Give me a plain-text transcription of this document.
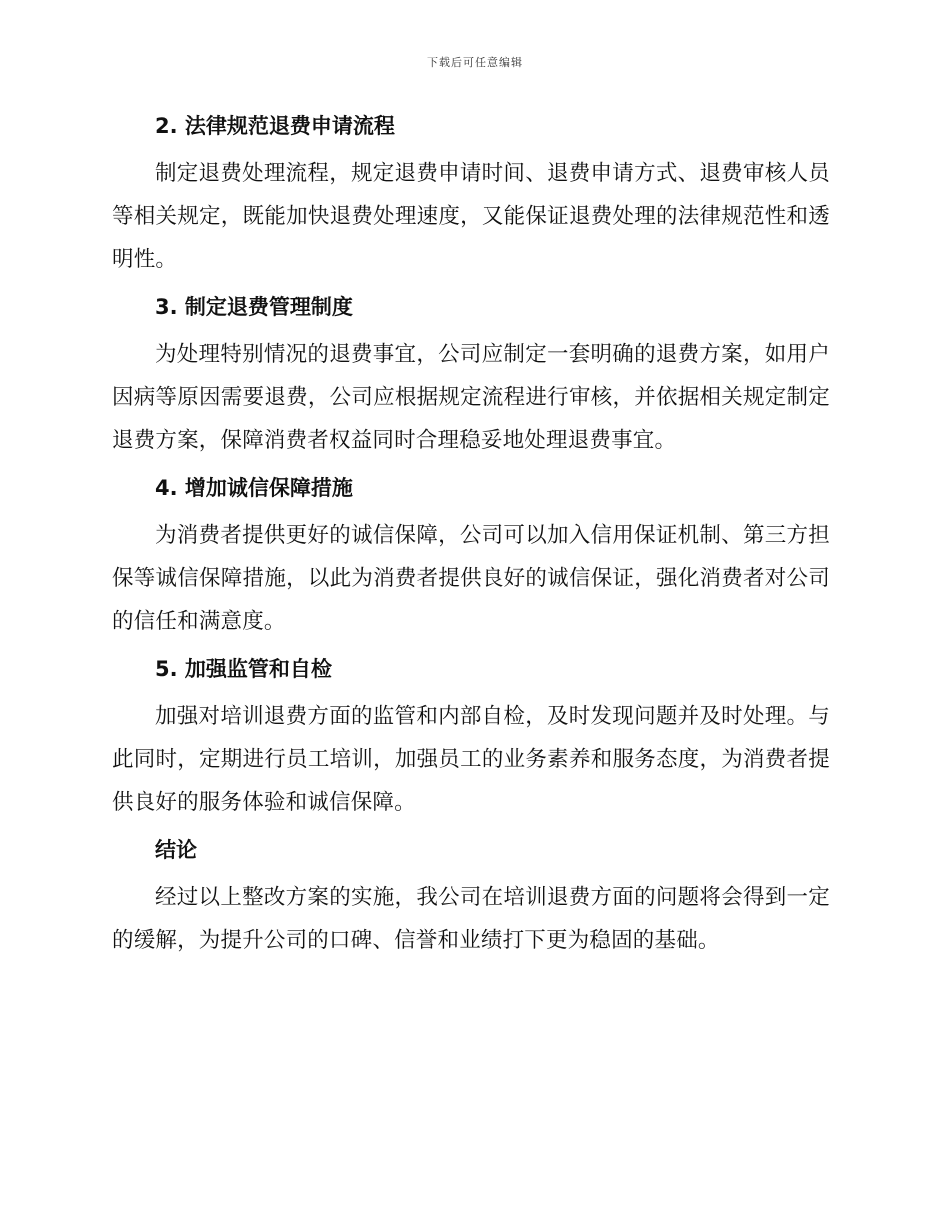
下载后可任意编辑

2. 法律规范退费申请流程

制定退费处理流程，规定退费申请时间、退费申请方式、退费审核人员等相关规定，既能加快退费处理速度，又能保证退费处理的法律规范性和透明性。

3. 制定退费管理制度

为处理特别情况的退费事宜，公司应制定一套明确的退费方案，如用户因病等原因需要退费，公司应根据规定流程进行审核，并依据相关规定制定退费方案，保障消费者权益同时合理稳妥地处理退费事宜。

4. 增加诚信保障措施

为消费者提供更好的诚信保障，公司可以加入信用保证机制、第三方担保等诚信保障措施，以此为消费者提供良好的诚信保证，强化消费者对公司的信任和满意度。

5. 加强监管和自检

加强对培训退费方面的监管和内部自检，及时发现问题并及时处理。与此同时，定期进行员工培训，加强员工的业务素养和服务态度，为消费者提供良好的服务体验和诚信保障。

结论

经过以上整改方案的实施，我公司在培训退费方面的问题将会得到一定的缓解，为提升公司的口碑、信誉和业绩打下更为稳固的基础。
